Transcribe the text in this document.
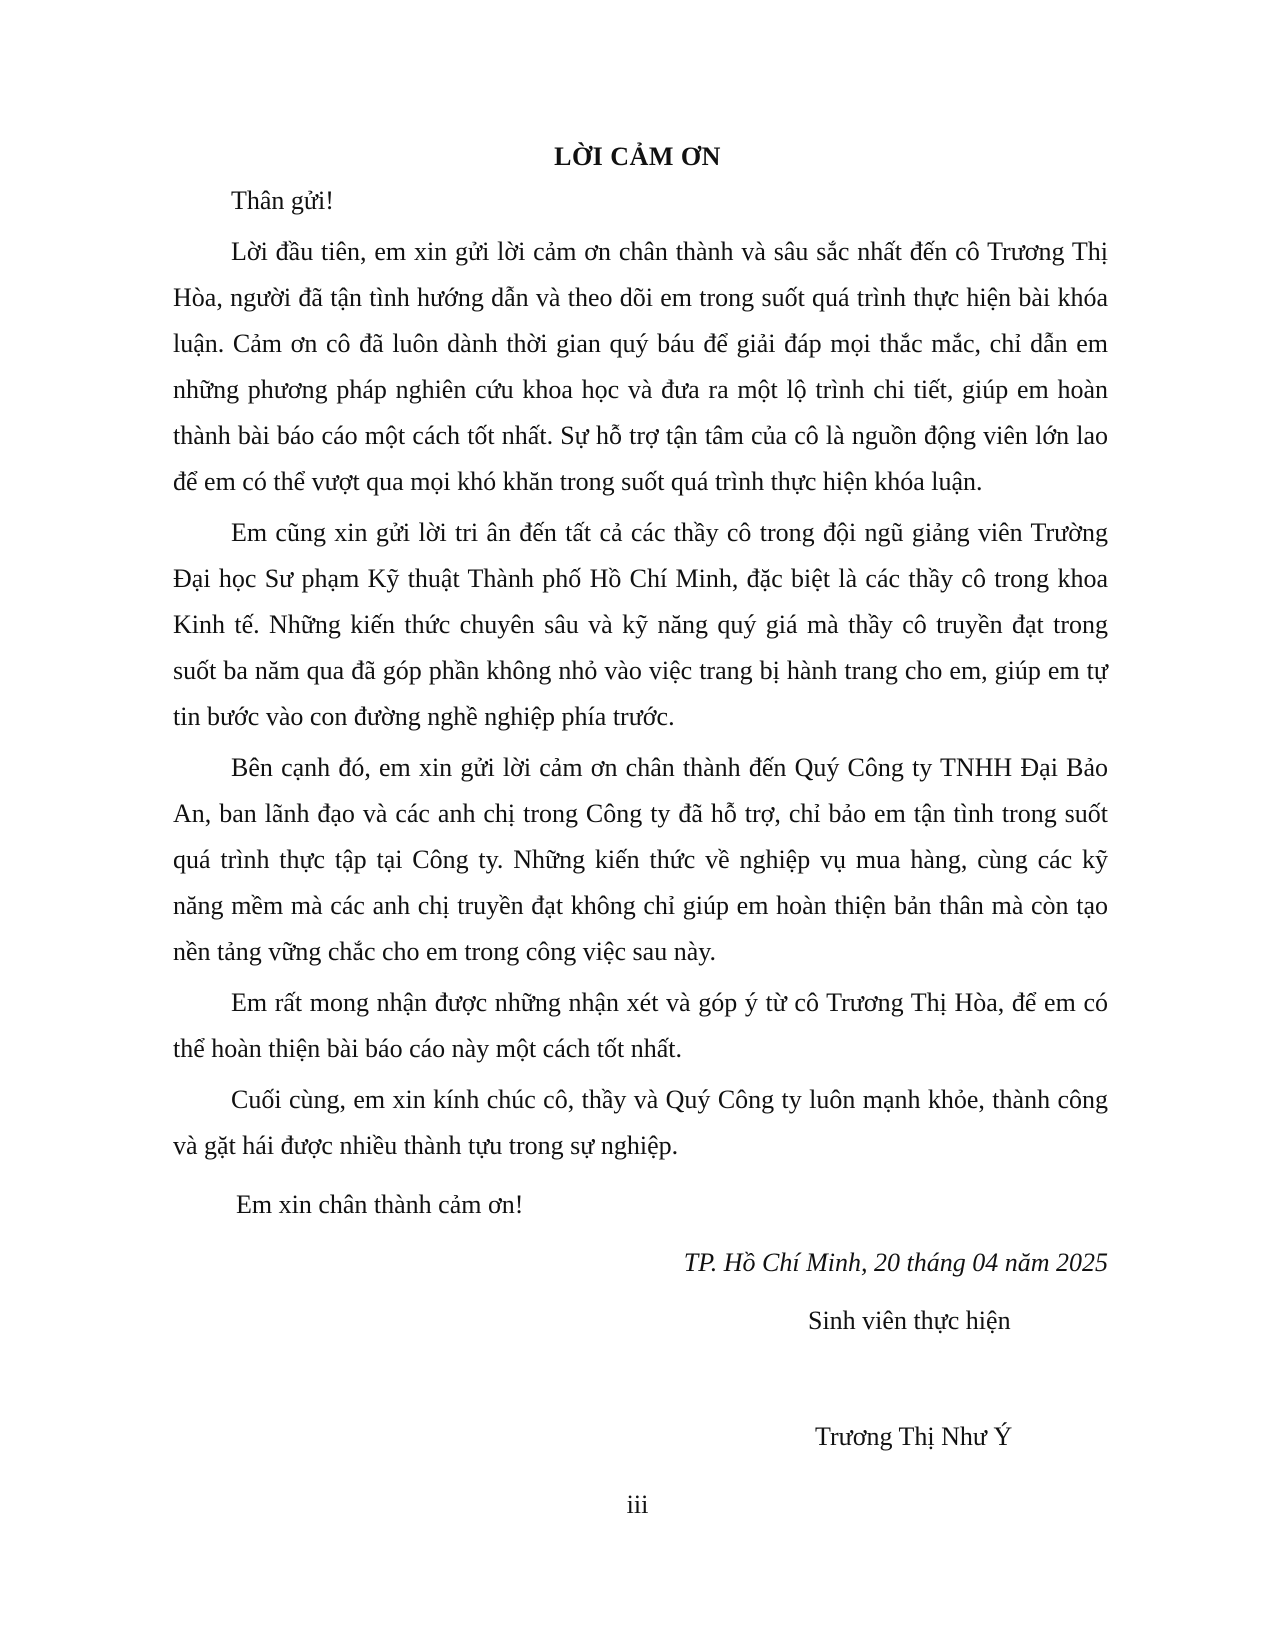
LỜI CẢM ƠN
Thân gửi!

Lời đầu tiên, em xin gửi lời cảm ơn chân thành và sâu sắc nhất đến cô Trương Thị Hòa, người đã tận tình hướng dẫn và theo dõi em trong suốt quá trình thực hiện bài khóa luận. Cảm ơn cô đã luôn dành thời gian quý báu để giải đáp mọi thắc mắc, chỉ dẫn em những phương pháp nghiên cứu khoa học và đưa ra một lộ trình chi tiết, giúp em hoàn thành bài báo cáo một cách tốt nhất. Sự hỗ trợ tận tâm của cô là nguồn động viên lớn lao để em có thể vượt qua mọi khó khăn trong suốt quá trình thực hiện khóa luận.

Em cũng xin gửi lời tri ân đến tất cả các thầy cô trong đội ngũ giảng viên Trường Đại học Sư phạm Kỹ thuật Thành phố Hồ Chí Minh, đặc biệt là các thầy cô trong khoa Kinh tế. Những kiến thức chuyên sâu và kỹ năng quý giá mà thầy cô truyền đạt trong suốt ba năm qua đã góp phần không nhỏ vào việc trang bị hành trang cho em, giúp em tự tin bước vào con đường nghề nghiệp phía trước.

Bên cạnh đó, em xin gửi lời cảm ơn chân thành đến Quý Công ty TNHH Đại Bảo An, ban lãnh đạo và các anh chị trong Công ty đã hỗ trợ, chỉ bảo em tận tình trong suốt quá trình thực tập tại Công ty. Những kiến thức về nghiệp vụ mua hàng, cùng các kỹ năng mềm mà các anh chị truyền đạt không chỉ giúp em hoàn thiện bản thân mà còn tạo nền tảng vững chắc cho em trong công việc sau này.

Em rất mong nhận được những nhận xét và góp ý từ cô Trương Thị Hòa, để em có thể hoàn thiện bài báo cáo này một cách tốt nhất.

Cuối cùng, em xin kính chúc cô, thầy và Quý Công ty luôn mạnh khỏe, thành công và gặt hái được nhiều thành tựu trong sự nghiệp.

Em xin chân thành cảm ơn!
TP. Hồ Chí Minh, 20 tháng 04 năm 2025
Sinh viên thực hiện
Trương Thị Như Ý
iii
